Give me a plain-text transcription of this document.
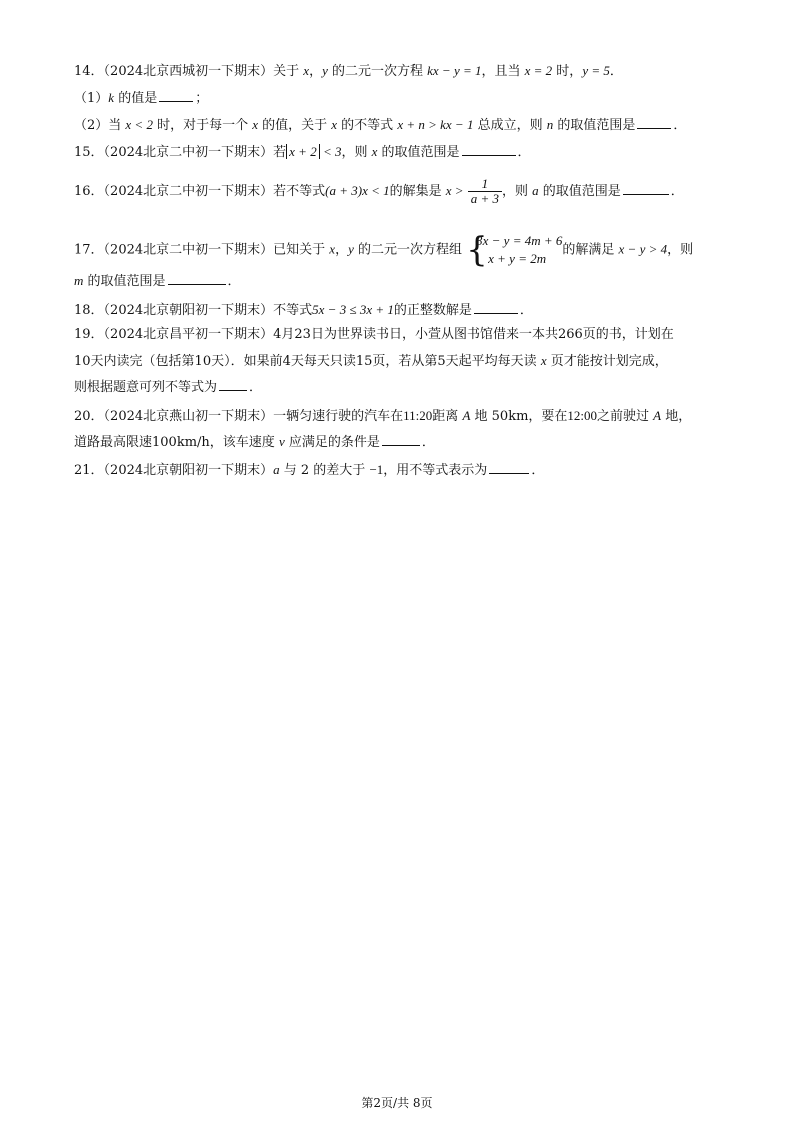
14．（2024北京西城初一下期末）关于 x，y 的二元一次方程 kx − y = 1，且当 x = 2 时，y = 5．
（1）k 的值是	；
（2）当 x < 2 时，对于每一个 x 的值，关于 x 的不等式 x + n > kx − 1 总成立，则 n 的取值范围是	．
15．（2024北京二中初一下期末）若 x + 2 < 3，则 x 的取值范围是	．
16．（2024北京二中初一下期末）若不等式(a + 3)x < 1的解集是 $x > \frac{1}{a + 3}$ ，则 a 的取值范围是	．
17．（2024北京二中初一下期末）已知关于 x，y 的二元一次方程组 {
3x − y = 4m + 6
x + y = 2m
的解满足 x − y > 4，则
m 的取值范围是	．
18．（2024北京朝阳初一下期末）不等式5x − 3 ≤ 3x + 1的正整数解是	．
19．（2024北京昌平初一下期末）4月23日为世界读书日，小萱从图书馆借来一本共266页的书，计划在
10天内读完（包括第10天）．如果前4天每天只读15页，若从第5天起平均每天读 x 页才能按计划完成，
则根据题意可列不等式为 ．
20．（2024北京燕山初一下期末）一辆匀速行驶的汽车在11:20距离 A 地 50km，要在12:00之前驶过 A 地，
道路最高限速100km/h，该车速度 v 应满足的条件是	．
21．（2024北京朝阳初一下期末）a 与 2 的差大于 −1，用不等式表示为	．
第2页/共 8页
